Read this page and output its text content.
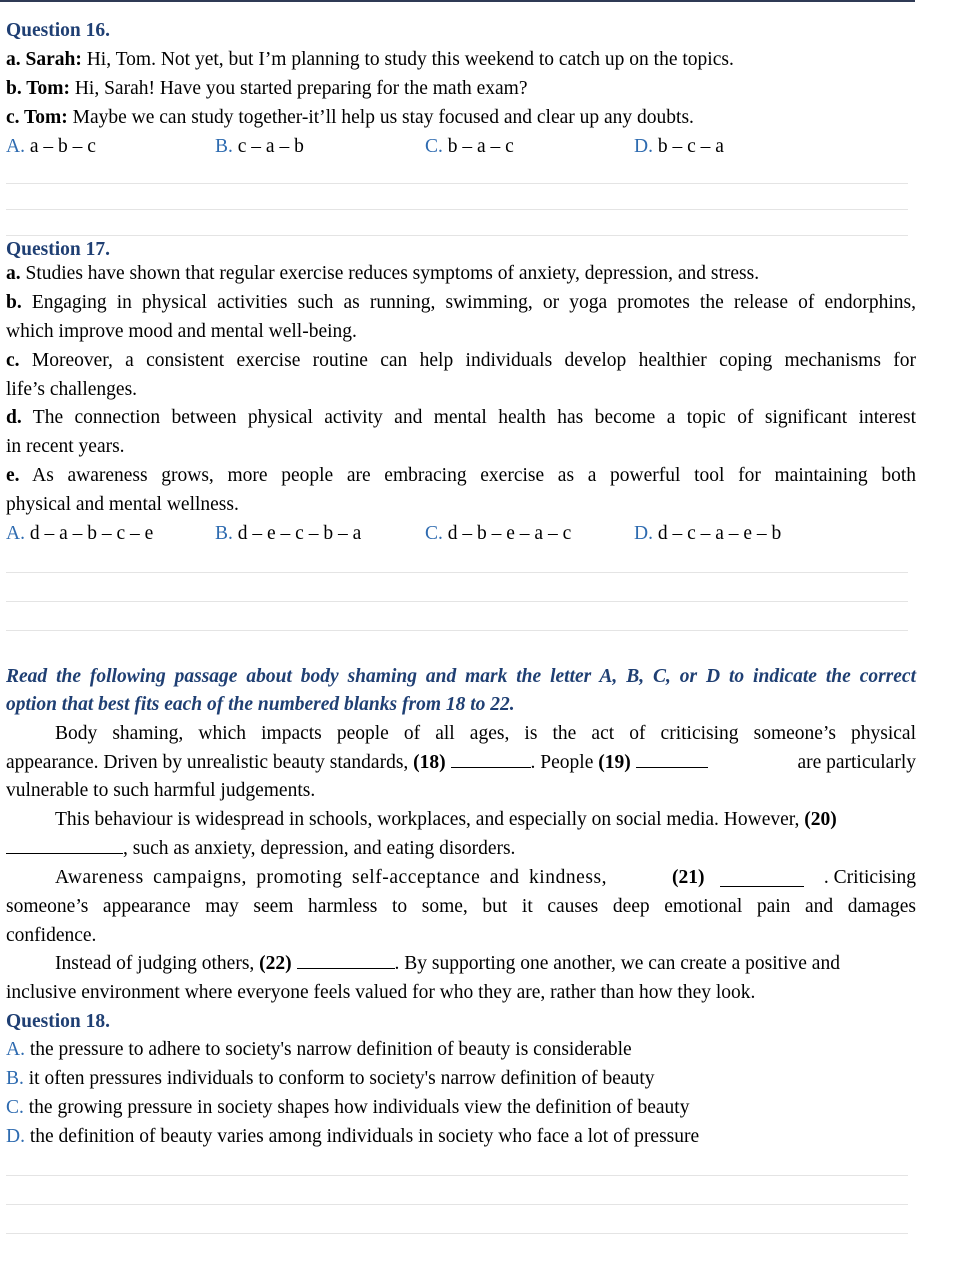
Question 16.
a. Sarah: Hi, Tom. Not yet, but I’m planning to study this weekend to catch up on the topics.
b. Tom: Hi, Sarah! Have you started preparing for the math exam?
c. Tom: Maybe we can study together-it’ll help us stay focused and clear up any doubts.
A. a – b – c	B. c – a – b	C. b – a – c	D. b – c – a
Question 17.
a. Studies have shown that regular exercise reduces symptoms of anxiety, depression, and stress.
b. Engaging in physical activities such as running, swimming, or yoga promotes the release of endorphins,
which improve mood and mental well-being.
c. Moreover, a consistent exercise routine can help individuals develop healthier coping mechanisms for
life’s challenges.
d. The connection between physical activity and mental health has become a topic of significant interest
in recent years.
e. As awareness grows, more people are embracing exercise as a powerful tool for maintaining both
physical and mental wellness.
A. d – a – b – c – e	B. d – e – c – b – a	C. d – b – e – a – c	D. d – c – a – e – b
Read the following passage about body shaming and mark the letter A, B, C, or D to indicate the correct
option that best fits each of the numbered blanks from 18 to 22.
Body shaming, which impacts people of all ages, is the act of criticising someone’s physical
appearance. Driven by unrealistic beauty standards, (18)	. People (19)	are particularly
vulnerable to such harmful judgements.
This behaviour is widespread in schools, workplaces, and especially on social media. However, (20)
, such as anxiety, depression, and eating disorders.
Awareness campaigns, promoting self-acceptance and kindness,	(21)	. Criticising
someone’s appearance may seem harmless to some, but it causes deep emotional pain and damages
confidence.
Instead of judging others, (22)	. By supporting one another, we can create a positive and
inclusive environment where everyone feels valued for who they are, rather than how they look.
Question 18.
A. the pressure to adhere to society's narrow definition of beauty is considerable
B. it often pressures individuals to conform to society's narrow definition of beauty
C. the growing pressure in society shapes how individuals view the definition of beauty
D. the definition of beauty varies among individuals in society who face a lot of pressure
